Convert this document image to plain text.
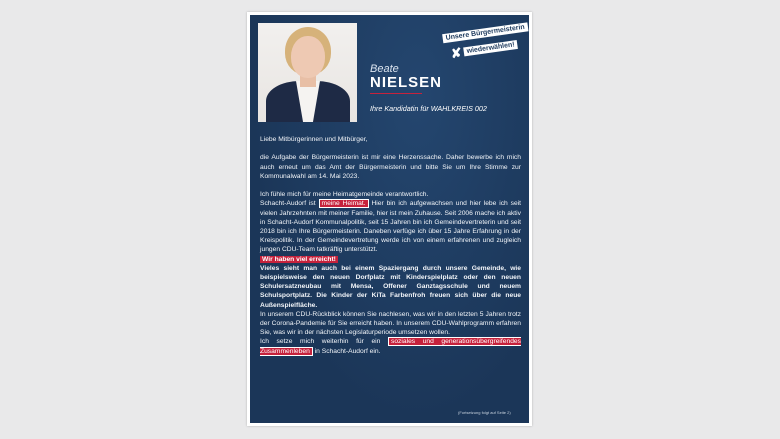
Unsere Bürgermeisterin
✘ wiederwählen!
Beate
NIELSEN
Ihre Kandidatin für WAHLKREIS 002

Liebe Mitbürgerinnen und Mitbürger,

die Aufgabe der Bürgermeisterin ist mir eine Herzenssache. Daher bewerbe ich mich auch erneut um das Amt der Bürgermeisterin und bitte Sie um Ihre Stimme zur Kommunalwahl am 14. Mai 2023.

Ich fühle mich für meine Heimatgemeinde verantwortlich.

Schacht-Audorf ist meine Heimat. Hier bin ich aufgewachsen und hier lebe ich seit vielen Jahrzehnten mit meiner Familie, hier ist mein Zuhause. Seit 2006 mache ich aktiv in Schacht-Audorf Kommunalpolitik, seit 15 Jahren bin ich Gemeindevertreterin und seit 2018 bin ich Ihre Bürgermeisterin. Daneben verfüge ich über 15 Jahre Erfahrung in der Kreispolitik. In der Gemeindevertretung werde ich von einem erfahrenen und zugleich jungen CDU-Team tatkräftig unterstützt.

Wir haben viel erreicht!

Vieles sieht man auch bei einem Spaziergang durch unsere Gemeinde, wie beispielsweise den neuen Dorfplatz mit Kinderspielplatz oder den neuen Schulersatzneubau mit Mensa, Offener Ganztagsschule und neuem Schulsportplatz. Die Kinder der KiTa Farbenfroh freuen sich über die neue Außenspielfläche.

In unserem CDU-Rückblick können Sie nachlesen, was wir in den letzten 5 Jahren trotz der Corona-Pandemie für Sie erreicht haben. In unserem CDU-Wahlprogramm erfahren Sie, was wir in der nächsten Legislaturperiode umsetzen wollen.

Ich setze mich weiterhin für ein soziales und generationsübergreifendes Zusammenleben in Schacht-Audorf ein.

(Fortsetzung folgt auf Seite 2)
